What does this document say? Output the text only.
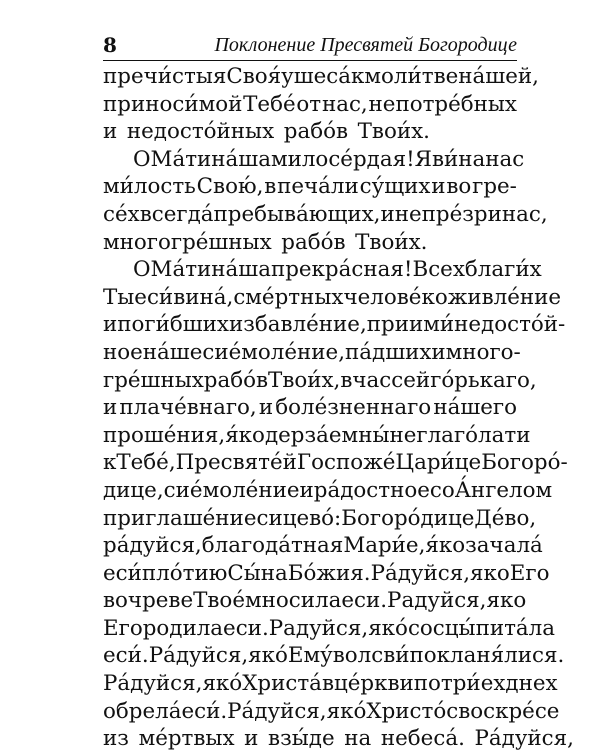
8	Поклонение Пресвятей Богородице
пречи́стыя Своя́ ушеса́ к моли́тве на́шей,
приноси́мой Тебе́ от нас, непотре́бных
и недосто́йных рабо́в Твои́х.
О Ма́ти на́ша милосе́рдая! Яви́ на нас
ми́лость Свою́, в печа́ли су́щих и во гре-
се́х всегда́ пребыва́ющих, и не пре́зри нас,
многогре́шных рабо́в Твои́х.
О Ма́ти на́ша прекра́сная! Всех благи́х
Ты еси́ вина́, сме́ртных челове́к оживле́ние
и поги́бших избавле́ние, приими́ недосто́й-
ное на́ше сие́ моле́ние, па́дших и много-
гре́шных рабо́в Твои́х, в час сей го́рькаго,
и плаче́внаго, и боле́зненнаго на́шего
проше́ния, я́ко дерза́ем ны́не глаго́лати
к Тебе́, Пресвяте́й Госпоже́ Цари́це Богоро́-
дице, сие́ моле́ние и ра́достное со А́нгелом
приглаше́ние сицево́: Богоро́дице Де́во,
ра́дуйся, благода́тная Мари́е, я́ко зачала́
еси́ пло́тию Сы́на Бо́жия. Ра́дуйся, яко Его
во чреве Твое́м носила еси. Радуйся, яко
Его родила еси. Радуйся, яко́ сосцы́ пита́ла
еси́. Ра́дуйся, яко́ Ему́ волсви́ покланя́лися.
Ра́дуйся, яко́ Христа́ в це́ркви по три́ех днех
обрела́ еси́. Ра́дуйся, яко́ Христо́с воскре́се
из ме́ртвых и взы́де на небеса́. Ра́дуйся,
